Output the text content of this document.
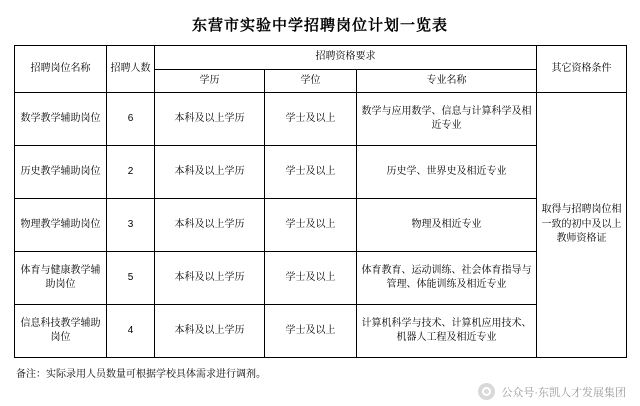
东营市实验中学招聘岗位计划一览表
招聘岗位名称	招聘人数	招聘资格要求			其它资格条件
		学历	学位	专业名称	
数学教学辅助岗位	6	本科及以上学历	学士及以上	数学与应用数学、信息与计算科学及相近专业	取得与招聘岗位相一致的初中及以上教师资格证
历史教学辅助岗位	2	本科及以上学历	学士及以上	历史学、世界史及相近专业	
物理教学辅助岗位	3	本科及以上学历	学士及以上	物理及相近专业	
体育与健康教学辅助岗位	5	本科及以上学历	学士及以上	体育教育、运动训练、社会体育指导与管理、体能训练及相近专业	
信息科技教学辅助岗位	4	本科及以上学历	学士及以上	计算机科学与技术、计算机应用技术、机器人工程及相近专业	
备注：实际录用人员数量可根据学校具体需求进行调剂。
公众号·东凯人才发展集团
